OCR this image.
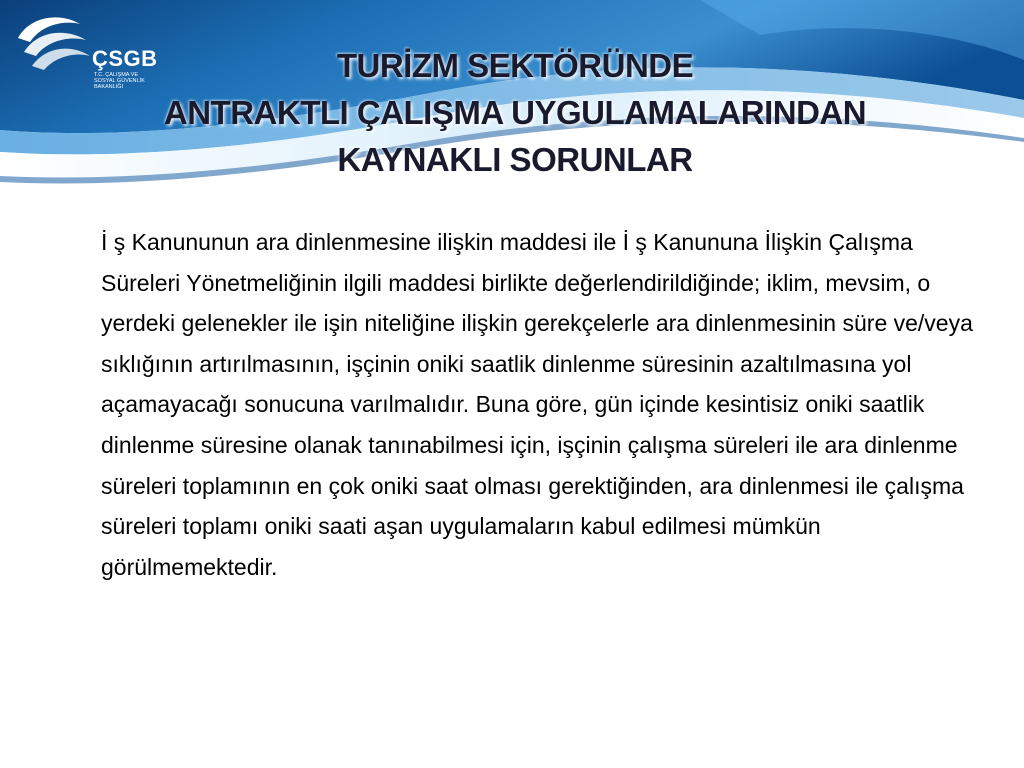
ÇSGB
T.C. ÇALIŞMA VE
SOSYAL GÜVENLİK
BAKANLIĞI
TURİZM SEKTÖRÜNDE
ANTRAKTLI ÇALIŞMA UYGULAMALARINDAN
KAYNAKLI SORUNLAR

İ ş Kanununun ara dinlenmesine ilişkin maddesi ile İ ş Kanununa İlişkin Çalışma Süreleri Yönetmeliğinin ilgili maddesi birlikte değerlendirildiğinde; iklim, mevsim, o yerdeki gelenekler ile işin niteliğine ilişkin gerekçelerle ara dinlenmesinin süre ve/veya sıklığının artırılmasının, işçinin oniki saatlik dinlenme süresinin azaltılmasına yol açamayacağı sonucuna varılmalıdır. Buna göre, gün içinde kesintisiz oniki saatlik dinlenme süresine olanak tanınabilmesi için, işçinin çalışma süreleri ile ara dinlenme süreleri toplamının en çok oniki saat olması gerektiğinden, ara dinlenmesi ile çalışma süreleri toplamı oniki saati aşan uygulamaların kabul edilmesi mümkün görülmemektedir.
